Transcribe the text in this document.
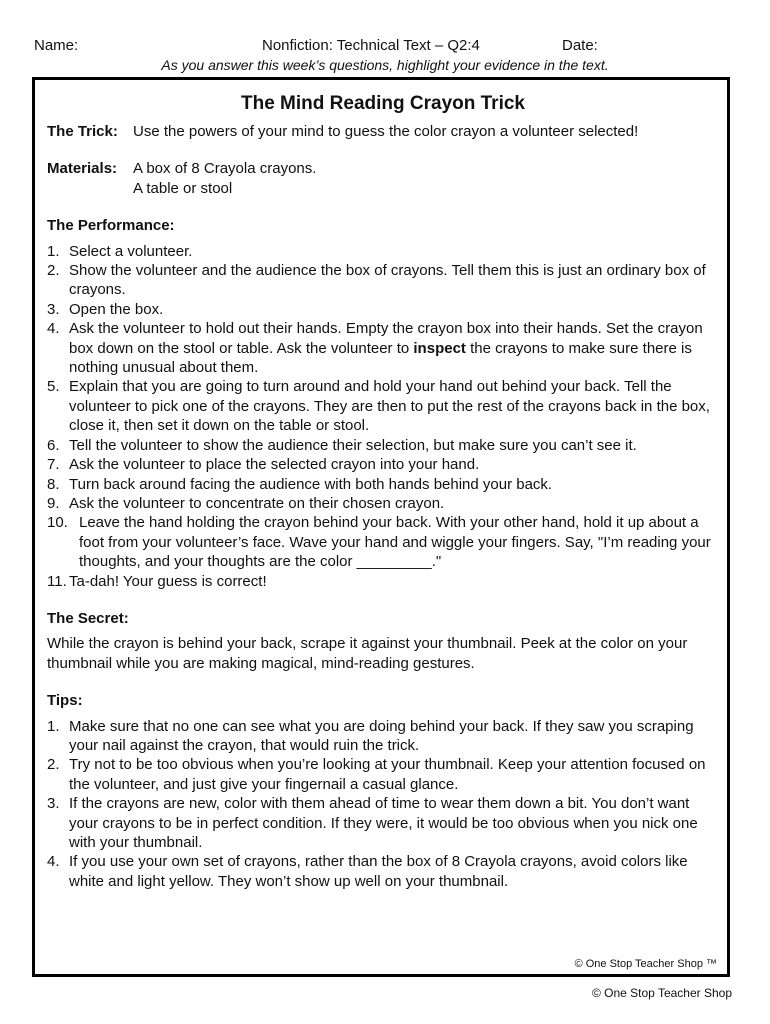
Name:	Nonfiction: Technical Text – Q2:4	Date:
As you answer this week’s questions, highlight your evidence in the text.
The Mind Reading Crayon Trick
The Trick:	Use the powers of your mind to guess the color crayon a volunteer selected!
Materials:	A box of 8 Crayola crayons.
A table or stool
The Performance:
1. Select a volunteer.
2. Show the volunteer and the audience the box of crayons. Tell them this is just an ordinary box of crayons.
3. Open the box.
4. Ask the volunteer to hold out their hands. Empty the crayon box into their hands. Set the crayon box down on the stool or table. Ask the volunteer to inspect the crayons to make sure there is nothing unusual about them.
5. Explain that you are going to turn around and hold your hand out behind your back. Tell the volunteer to pick one of the crayons. They are then to put the rest of the crayons back in the box, close it, then set it down on the table or stool.
6. Tell the volunteer to show the audience their selection, but make sure you can’t see it.
7. Ask the volunteer to place the selected crayon into your hand.
8. Turn back around facing the audience with both hands behind your back.
9. Ask the volunteer to concentrate on their chosen crayon.
10. Leave the hand holding the crayon behind your back. With your other hand, hold it up about a foot from your volunteer’s face. Wave your hand and wiggle your fingers. Say, "I’m reading your thoughts, and your thoughts are the color _________."
11. Ta-dah! Your guess is correct!
The Secret:

While the crayon is behind your back, scrape it against your thumbnail. Peek at the color on your thumbnail while you are making magical, mind-reading gestures.

Tips:
1. Make sure that no one can see what you are doing behind your back. If they saw you scraping your nail against the crayon, that would ruin the trick.
2. Try not to be too obvious when you’re looking at your thumbnail. Keep your attention focused on the volunteer, and just give your fingernail a casual glance.
3. If the crayons are new, color with them ahead of time to wear them down a bit. You don’t want your crayons to be in perfect condition. If they were, it would be too obvious when you nick one with your thumbnail.
4. If you use your own set of crayons, rather than the box of 8 Crayola crayons, avoid colors like white and light yellow. They won’t show up well on your thumbnail.
© One Stop Teacher Shop ™
© One Stop Teacher Shop
